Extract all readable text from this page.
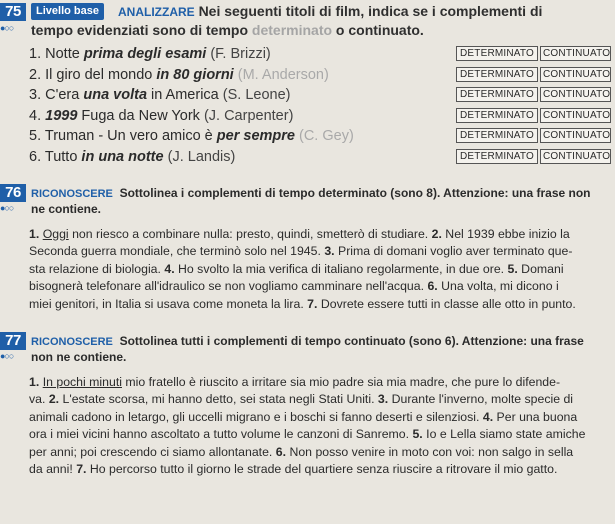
75
●○○
Livello base	ANALIZZARE Nei seguenti titoli di film, indica se i complementi di
tempo evidenziati sono di tempo determinato o continuato.
1. Notte prima degli esami (F. Brizzi)	DETERMINATO CONTINUATO
2. Il giro del mondo in 80 giorni (M. Anderson)	DETERMINATO CONTINUATO
3. C'era una volta in America (S. Leone)	DETERMINATO CONTINUATO
4. 1999 Fuga da New York (J. Carpenter)	DETERMINATO CONTINUATO
5. Truman - Un vero amico è per sempre (C. Gey)	DETERMINATO CONTINUATO
6. Tutto in una notte (J. Landis)	DETERMINATO CONTINUATO
76
●○○
RICONOSCERE Sottolinea i complementi di tempo determinato (sono 8). Attenzione: una frase non
ne contiene.
1. Oggi non riesco a combinare nulla: presto, quindi, smetterò di studiare. 2. Nel 1939 ebbe inizio la
Seconda guerra mondiale, che terminò solo nel 1945. 3. Prima di domani voglio aver terminato que-
sta relazione di biologia. 4. Ho svolto la mia verifica di italiano regolarmente, in due ore. 5. Domani
bisognerà telefonare all'idraulico se non vogliamo camminare nell'acqua. 6. Una volta, mi dicono i
miei genitori, in Italia si usava come moneta la lira. 7. Dovrete essere tutti in classe alle otto in punto.
77
●○○
RICONOSCERE Sottolinea tutti i complementi di tempo continuato (sono 6). Attenzione: una frase
non ne contiene.
1. In pochi minuti mio fratello è riuscito a irritare sia mio padre sia mia madre, che pure lo difende-
va. 2. L'estate scorsa, mi hanno detto, sei stata negli Stati Uniti. 3. Durante l'inverno, molte specie di
animali cadono in letargo, gli uccelli migrano e i boschi si fanno deserti e silenziosi. 4. Per una buona
ora i miei vicini hanno ascoltato a tutto volume le canzoni di Sanremo. 5. Io e Lella siamo state amiche
per anni; poi crescendo ci siamo allontanate. 6. Non posso venire in moto con voi: non salgo in sella
da anni! 7. Ho percorso tutto il giorno le strade del quartiere senza riuscire a ritrovare il mio gatto.
